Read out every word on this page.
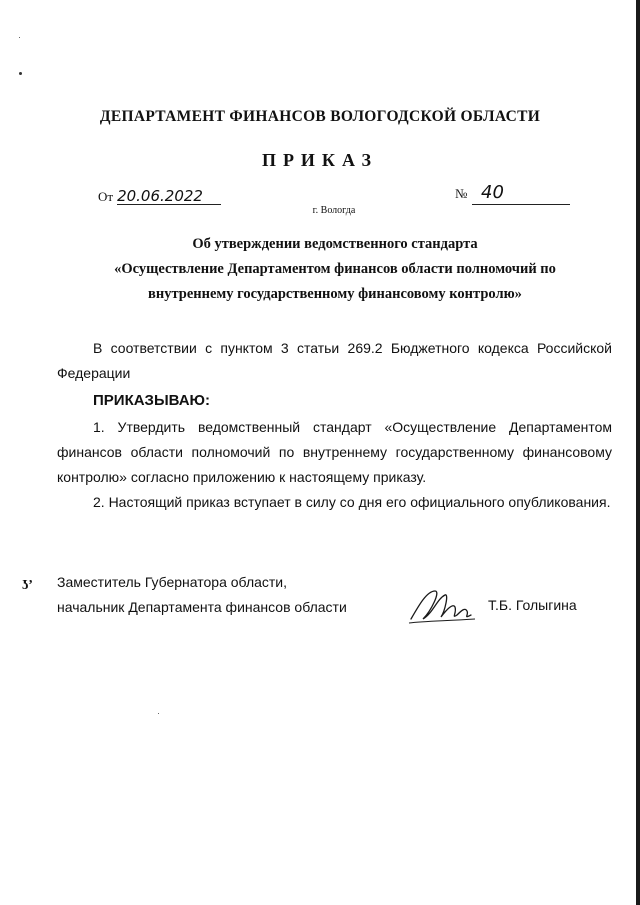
ДЕПАРТАМЕНТ ФИНАНСОВ ВОЛОГОДСКОЙ ОБЛАСТИ
ПРИКАЗ
От 20.06.2022	№ 40
г. Вологда
Об утверждении ведомственного стандарта
«Осуществление Департаментом финансов области полномочий по
внутреннему государственному финансовому контролю»
В соответствии с пунктом 3 статьи 269.2 Бюджетного кодекса Российской Федерации
ПРИКАЗЫВАЮ:
1. Утвердить ведомственный стандарт «Осуществление Департаментом финансов области полномочий по внутреннему государственному финансовому контролю» согласно приложению к настоящему приказу.
2. Настоящий приказ вступает в силу со дня его официального опубликования.
ʖ’ Заместитель Губернатора области,
начальник Департамента финансов области	Т.Б. Голыгина
